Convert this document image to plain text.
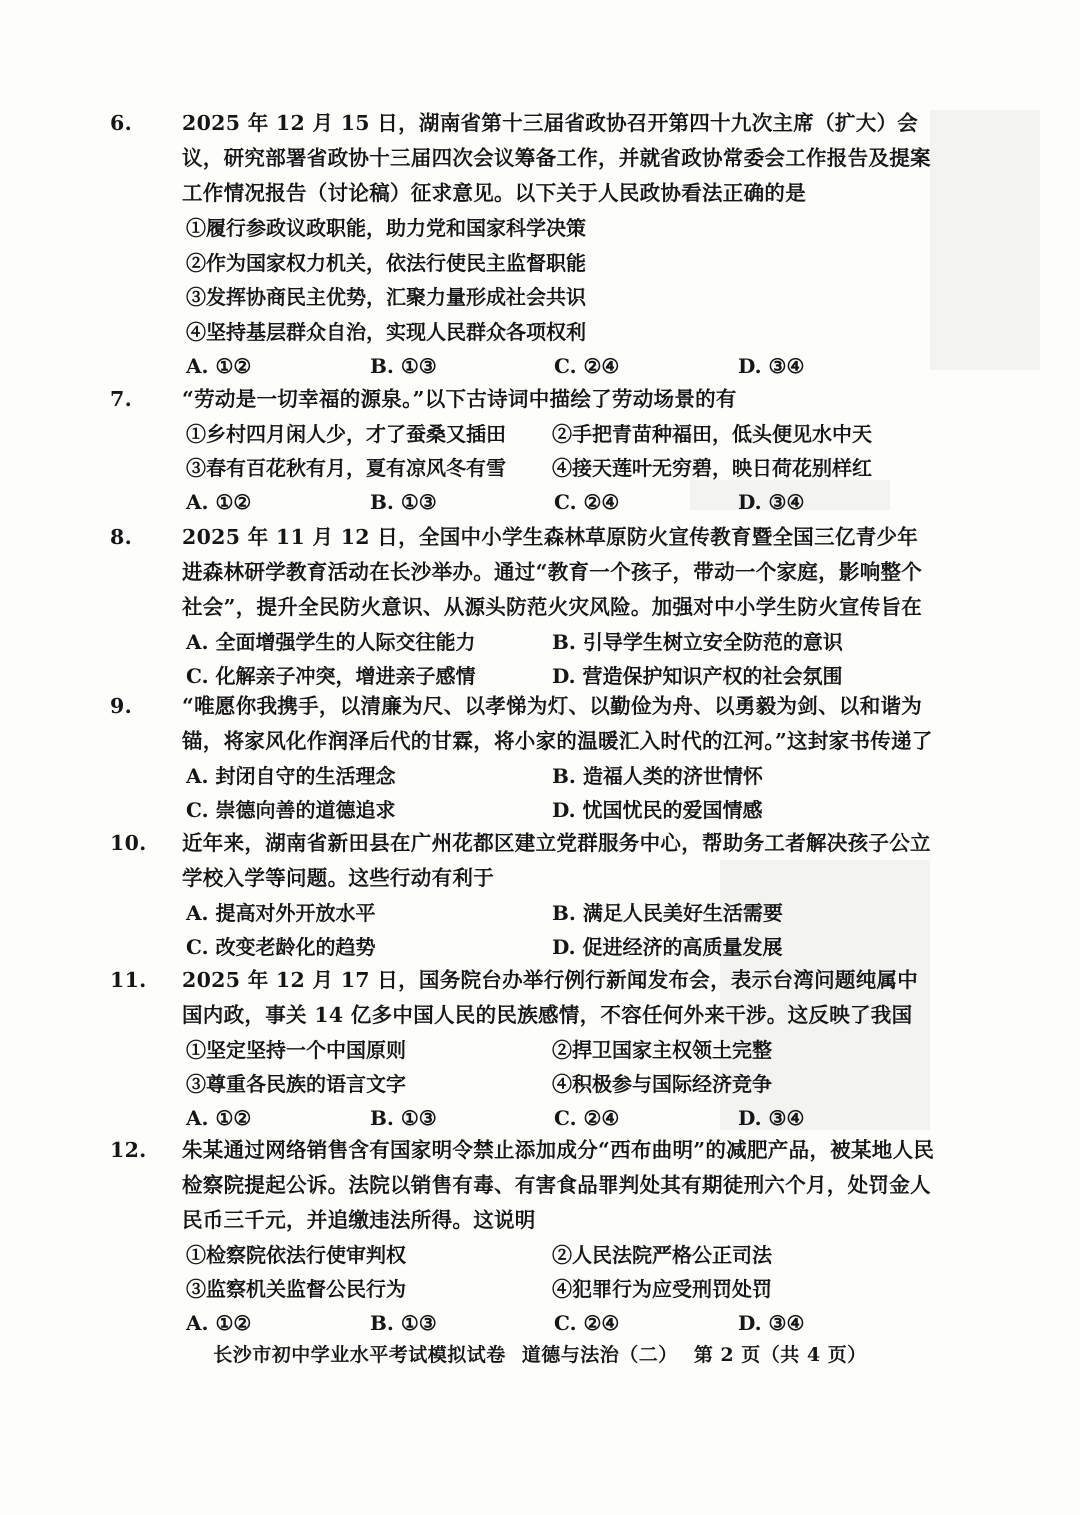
6. 2025 年 12 月 15 日，湖南省第十三届省政协召开第四十九次主席（扩大）会议，研究部署省政协十三届四次会议筹备工作，并就省政协常委会工作报告及提案工作情况报告（讨论稿）征求意见。以下关于人民政协看法正确的是
①履行参政议政职能，助力党和国家科学决策
②作为国家权力机关，依法行使民主监督职能
③发挥协商民主优势，汇聚力量形成社会共识
④坚持基层群众自治，实现人民群众各项权利
A. ①②	B. ①③	C. ②④	D. ③④
7. “劳动是一切幸福的源泉。”以下古诗词中描绘了劳动场景的有
①乡村四月闲人少，才了蚕桑又插田 ②手把青苗种福田，低头便见水中天
③春有百花秋有月，夏有凉风冬有雪 ④接天莲叶无穷碧，映日荷花别样红
A. ①②	B. ①③	C. ②④	D. ③④
8. 2025 年 11 月 12 日，全国中小学生森林草原防火宣传教育暨全国三亿青少年进森林研学教育活动在长沙举办。通过“教育一个孩子，带动一个家庭，影响整个社会”，提升全民防火意识、从源头防范火灾风险。加强对中小学生防火宣传旨在
A. 全面增强学生的人际交往能力	B. 引导学生树立安全防范的意识
C. 化解亲子冲突，增进亲子感情	D. 营造保护知识产权的社会氛围
9. “唯愿你我携手，以清廉为尺、以孝悌为灯、以勤俭为舟、以勇毅为剑、以和谐为锚，将家风化作润泽后代的甘霖，将小家的温暖汇入时代的江河。”这封家书传递了
A. 封闭自守的生活理念	B. 造福人类的济世情怀
C. 崇德向善的道德追求	D. 忧国忧民的爱国情感
10. 近年来，湖南省新田县在广州花都区建立党群服务中心，帮助务工者解决孩子公立学校入学等问题。这些行动有利于
A. 提高对外开放水平	B. 满足人民美好生活需要
C. 改变老龄化的趋势	D. 促进经济的高质量发展
11. 2025 年 12 月 17 日，国务院台办举行例行新闻发布会，表示台湾问题纯属中国内政，事关 14 亿多中国人民的民族感情，不容任何外来干涉。这反映了我国
①坚定坚持一个中国原则	②捍卫国家主权领土完整
③尊重各民族的语言文字	④积极参与国际经济竞争
A. ①②	B. ①③	C. ②④	D. ③④
12. 朱某通过网络销售含有国家明令禁止添加成分“西布曲明”的减肥产品，被某地人民检察院提起公诉。法院以销售有毒、有害食品罪判处其有期徒刑六个月，处罚金人民币三千元，并追缴违法所得。这说明
①检察院依法行使审判权	②人民法院严格公正司法
③监察机关监督公民行为	④犯罪行为应受刑罚处罚
A. ①②	B. ①③	C. ②④	D. ③④
长沙市初中学业水平考试模拟试卷 道德与法治（二） 第 2 页（共 4 页）
